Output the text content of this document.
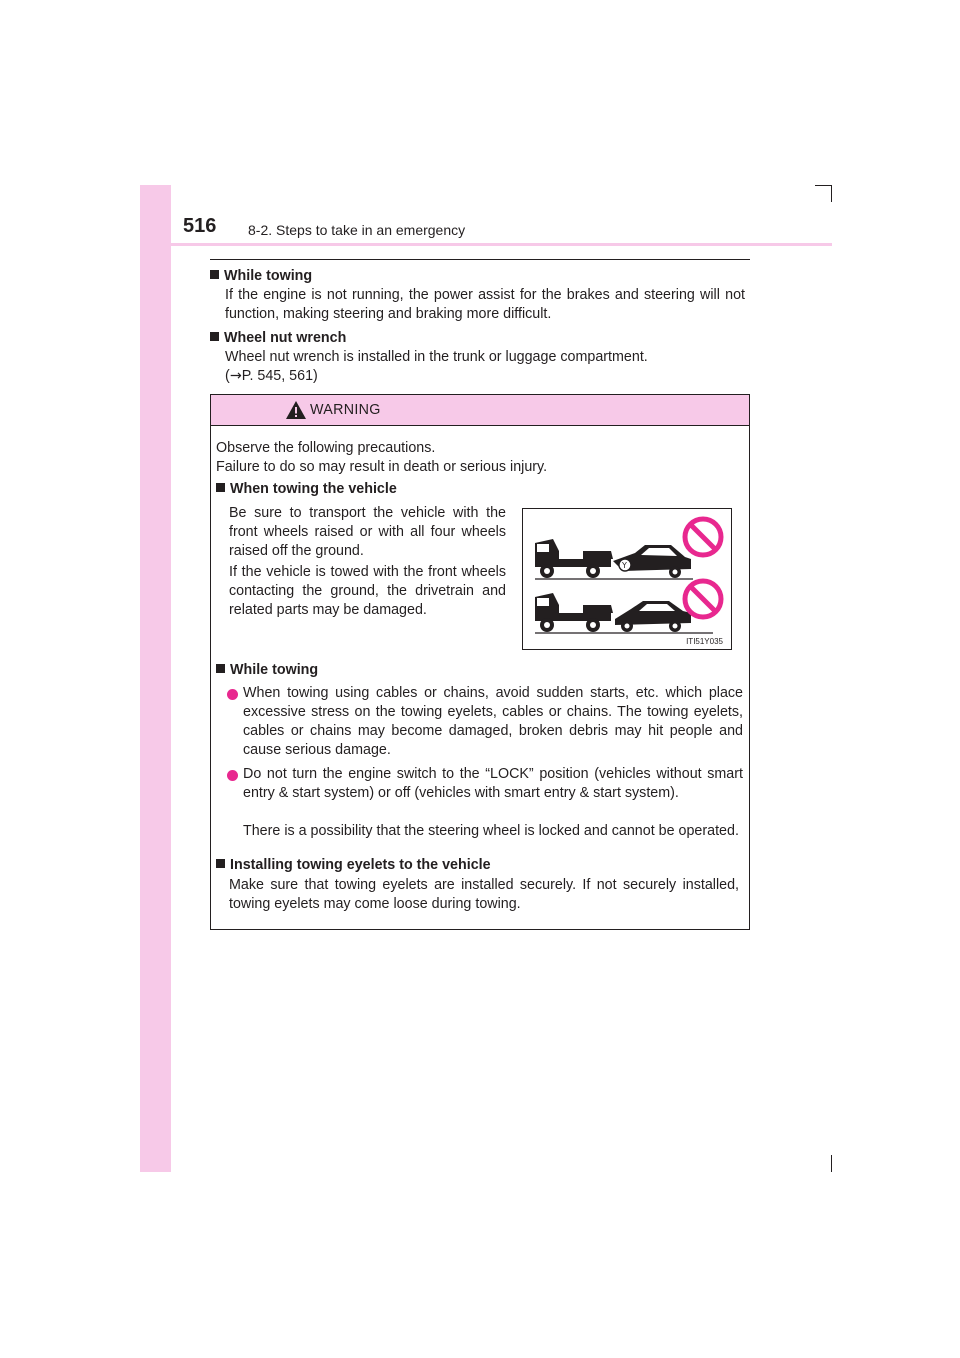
516 8-2. Steps to take in an emergency
While towing
If the engine is not running, the power assist for the brakes and steering will not function, making steering and braking more difficult.
Wheel nut wrench
Wheel nut wrench is installed in the trunk or luggage compartment.
(→P. 545, 561)
WARNING
Observe the following precautions.
Failure to do so may result in death or serious injury.
When towing the vehicle
Be sure to transport the vehicle with the front wheels raised or with all four wheels raised off the ground.
If the vehicle is towed with the front wheels contacting the ground, the drivetrain and related parts may be damaged.
Y
ITI51Y035
While towing
When towing using cables or chains, avoid sudden starts, etc. which place excessive stress on the towing eyelets, cables or chains. The towing eyelets, cables or chains may become damaged, broken debris may hit people and cause serious damage.
Do not turn the engine switch to the “LOCK” position (vehicles without smart entry & start system) or off (vehicles with smart entry & start system).
There is a possibility that the steering wheel is locked and cannot be operated.
Installing towing eyelets to the vehicle
Make sure that towing eyelets are installed securely. If not securely installed, towing eyelets may come loose during towing.
